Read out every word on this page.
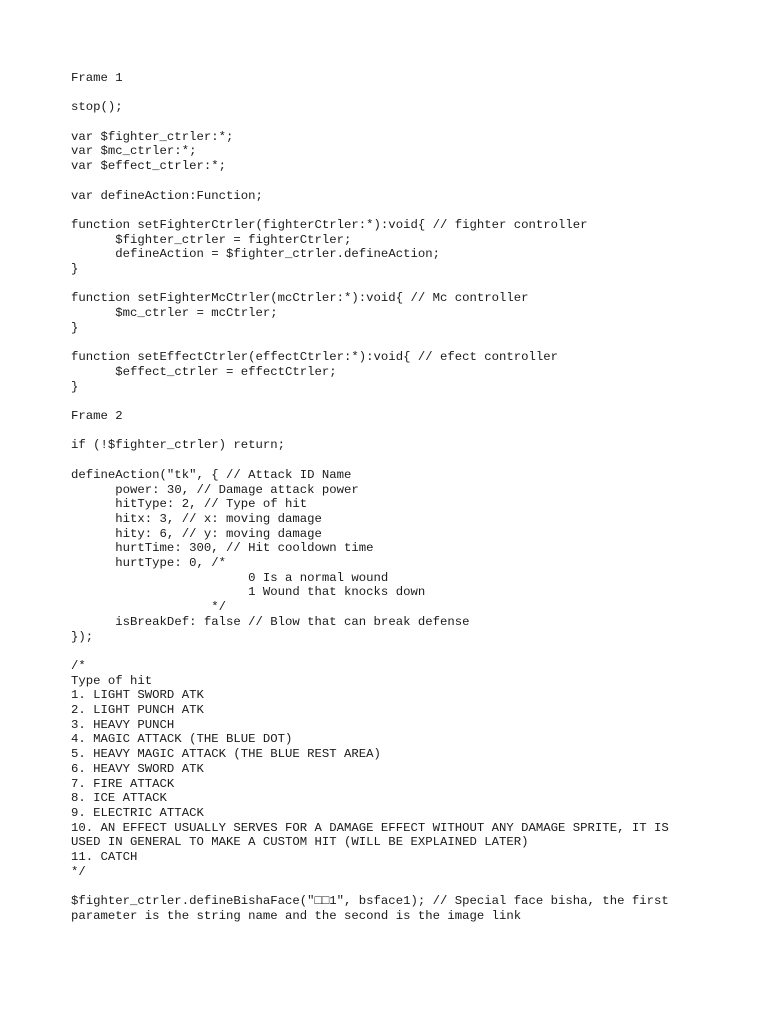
Frame 1
stop();
var $fighter_ctrler:*;
var $mc_ctrler:*;
var $effect_ctrler:*;
var defineAction:Function;
function setFighterCtrler(fighterCtrler:*):void{ // fighter controller
$fighter_ctrler = fighterCtrler;
defineAction = $fighter_ctrler.defineAction;
}
function setFighterMcCtrler(mcCtrler:*):void{ // Mc controller
$mc_ctrler = mcCtrler;
}
function setEffectCtrler(effectCtrler:*):void{ // efect controller
$effect_ctrler = effectCtrler;
}
Frame 2
if (!$fighter_ctrler) return;
defineAction("tk", { // Attack ID Name
power: 30, // Damage attack power
hitType: 2, // Type of hit
hitx: 3, // x: moving damage
hity: 6, // y: moving damage
hurtTime: 300, // Hit cooldown time
hurtType: 0, /*
0 Is a normal wound
1 Wound that knocks down
*/
isBreakDef: false // Blow that can break defense
});
/*
Type of hit
1. LIGHT SWORD ATK
2. LIGHT PUNCH ATK
3. HEAVY PUNCH
4. MAGIC ATTACK (THE BLUE DOT)
5. HEAVY MAGIC ATTACK (THE BLUE REST AREA)
6. HEAVY SWORD ATK
7. FIRE ATTACK
8. ICE ATTACK
9. ELECTRIC ATTACK
10. AN EFFECT USUALLY SERVES FOR A DAMAGE EFFECT WITHOUT ANY DAMAGE SPRITE, IT IS USED IN GENERAL TO MAKE A CUSTOM HIT (WILL BE EXPLAINED LATER)
11. CATCH
*/
$fighter_ctrler.defineBishaFace("□□1", bsface1); // Special face bisha, the first parameter is the string name and the second is the image link
